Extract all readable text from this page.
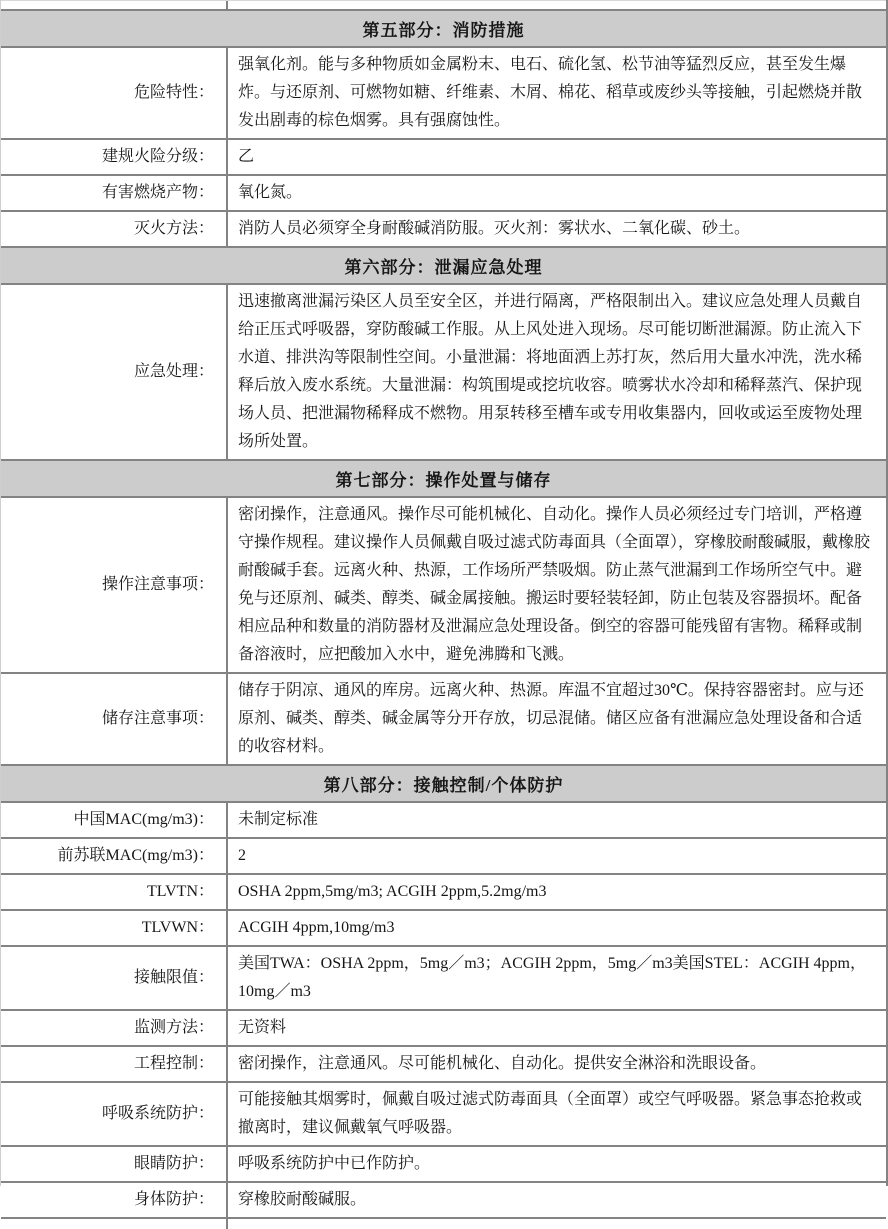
第五部分：消防措施
危险特性：
强氧化剂。能与多种物质如金属粉末、电石、硫化氢、松节油等猛烈反应，甚至发生爆炸。与还原剂、可燃物如糖、纤维素、木屑、棉花、稻草或废纱头等接触，引起燃烧并散发出剧毒的棕色烟雾。具有强腐蚀性。
建规火险分级： 乙
有害燃烧产物： 氧化氮。
灭火方法： 消防人员必须穿全身耐酸碱消防服。灭火剂：雾状水、二氧化碳、砂土。
第六部分：泄漏应急处理
应急处理：
迅速撤离泄漏污染区人员至安全区，并进行隔离，严格限制出入。建议应急处理人员戴自给正压式呼吸器，穿防酸碱工作服。从上风处进入现场。尽可能切断泄漏源。防止流入下水道、排洪沟等限制性空间。小量泄漏：将地面洒上苏打灰，然后用大量水冲洗，洗水稀释后放入废水系统。大量泄漏：构筑围堤或挖坑收容。喷雾状水冷却和稀释蒸汽、保护现场人员、把泄漏物稀释成不燃物。用泵转移至槽车或专用收集器内，回收或运至废物处理场所处置。
第七部分：操作处置与储存
操作注意事项：
密闭操作，注意通风。操作尽可能机械化、自动化。操作人员必须经过专门培训，严格遵守操作规程。建议操作人员佩戴自吸过滤式防毒面具（全面罩），穿橡胶耐酸碱服，戴橡胶耐酸碱手套。远离火种、热源，工作场所严禁吸烟。防止蒸气泄漏到工作场所空气中。避免与还原剂、碱类、醇类、碱金属接触。搬运时要轻装轻卸，防止包装及容器损坏。配备相应品种和数量的消防器材及泄漏应急处理设备。倒空的容器可能残留有害物。稀释或制备溶液时，应把酸加入水中，避免沸腾和飞溅。
储存注意事项：
储存于阴凉、通风的库房。远离火种、热源。库温不宜超过30℃。保持容器密封。应与还原剂、碱类、醇类、碱金属等分开存放，切忌混储。储区应备有泄漏应急处理设备和合适的收容材料。
第八部分：接触控制/个体防护
中国MAC(mg/m3)： 未制定标准
前苏联MAC(mg/m3)： 2
TLVTN： OSHA 2ppm,5mg/m3; ACGIH 2ppm,5.2mg/m3
TLVWN： ACGIH 4ppm,10mg/m3
接触限值：
美国TWA：OSHA 2ppm，5mg／m3；ACGIH 2ppm，5mg／m3美国STEL：ACGIH 4ppm，10mg／m3
监测方法： 无资料
工程控制： 密闭操作，注意通风。尽可能机械化、自动化。提供安全淋浴和洗眼设备。
呼吸系统防护：
可能接触其烟雾时，佩戴自吸过滤式防毒面具（全面罩）或空气呼吸器。紧急事态抢救或撤离时，建议佩戴氧气呼吸器。
眼睛防护： 呼吸系统防护中已作防护。
身体防护： 穿橡胶耐酸碱服。
